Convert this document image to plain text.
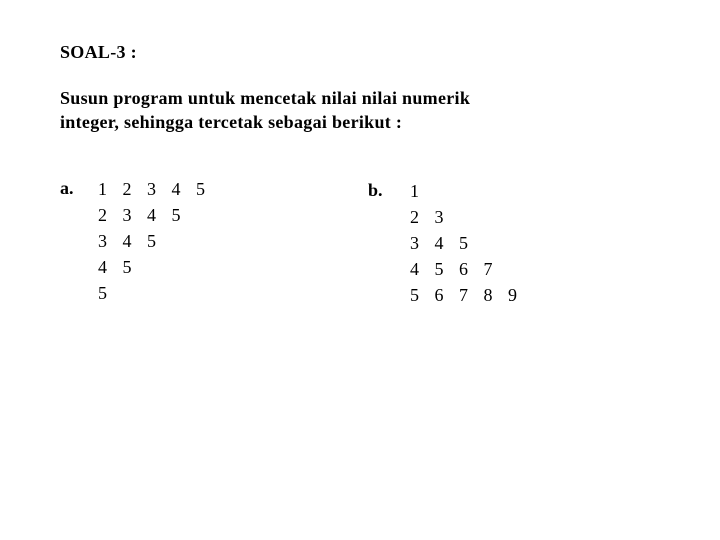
SOAL-3 :
Susun program untuk mencetak nilai nilai numerik
integer, sehingga tercetak sebagai berikut :
a. 1 2 3 4 5
2 3 4 5
3 4 5
4 5
5
b. 1
2 3
3 4 5
4 5 6 7
5 6 7 8 9
